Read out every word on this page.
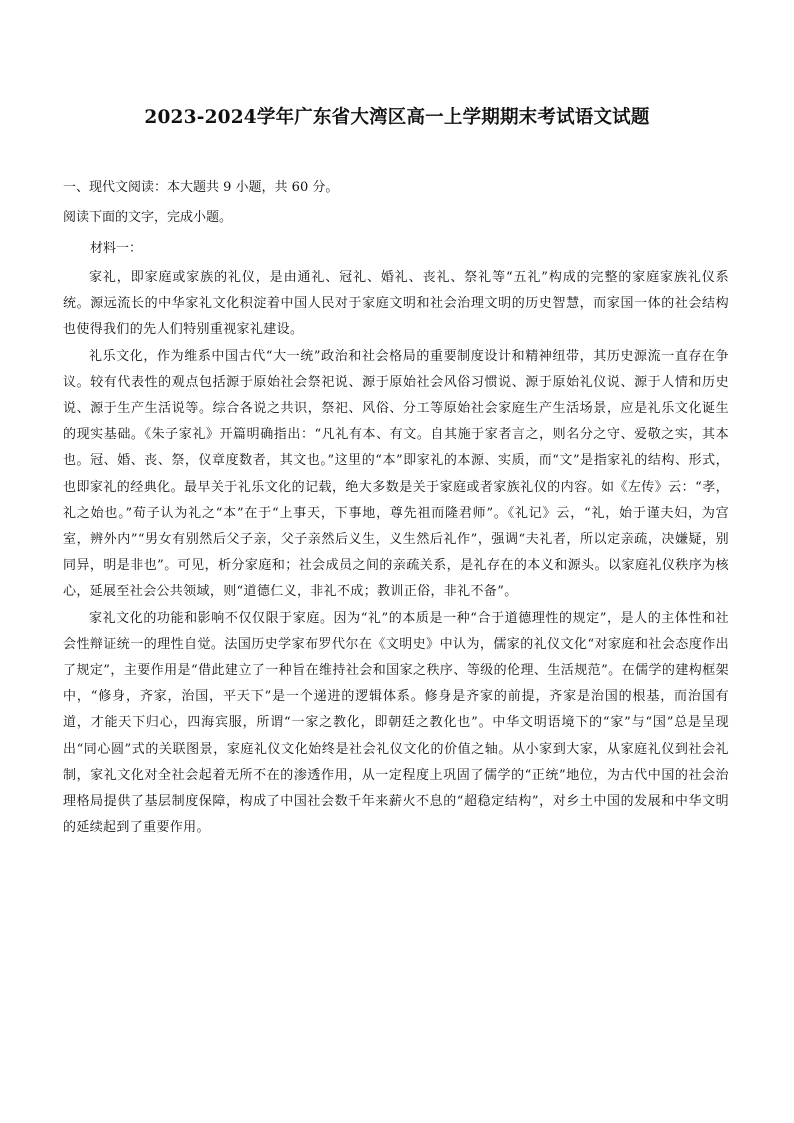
2023-2024学年广东省大湾区高一上学期期末考试语文试题
一、现代文阅读：本大题共 9 小题，共 60 分。
阅读下面的文字，完成小题。
材料一：

家礼，即家庭或家族的礼仪，是由通礼、冠礼、婚礼、丧礼、祭礼等“五礼”构成的完整的家庭家族礼仪系统。源远流长的中华家礼文化积淀着中国人民对于家庭文明和社会治理文明的历史智慧，而家国一体的社会结构也使得我们的先人们特别重视家礼建设。

礼乐文化，作为维系中国古代“大一统”政治和社会格局的重要制度设计和精神纽带，其历史源流一直存在争议。较有代表性的观点包括源于原始社会祭祀说、源于原始社会风俗习惯说、源于原始礼仪说、源于人情和历史说、源于生产生活说等。综合各说之共识，祭祀、风俗、分工等原始社会家庭生产生活场景，应是礼乐文化诞生的现实基础。《朱子家礼》开篇明确指出：“凡礼有本、有文。自其施于家者言之，则名分之守、爱敬之实，其本也。冠、婚、丧、祭，仪章度数者，其文也。”这里的“本”即家礼的本源、实质，而“文”是指家礼的结构、形式，也即家礼的经典化。最早关于礼乐文化的记载，绝大多数是关于家庭或者家族礼仪的内容。如《左传》云：“孝，礼之始也。”荀子认为礼之“本”在于“上事天，下事地，尊先祖而隆君师”。《礼记》云，“礼，始于谨夫妇，为宫室，辨外内”“男女有别然后父子亲，父子亲然后义生，义生然后礼作”，强调“夫礼者，所以定亲疏，决嫌疑，别同异，明是非也”。可见，析分家庭和；社会成员之间的亲疏关系，是礼存在的本义和源头。以家庭礼仪秩序为核心，延展至社会公共领域，则“道德仁义，非礼不成；教训正俗，非礼不备”。

家礼文化的功能和影响不仅仅限于家庭。因为“礼”的本质是一种“合于道德理性的规定”，是人的主体性和社会性辩证统一的理性自觉。法国历史学家布罗代尔在《文明史》中认为，儒家的礼仪文化“对家庭和社会态度作出了规定”，主要作用是“借此建立了一种旨在维持社会和国家之秩序、等级的伦理、生活规范”。在儒学的建构框架中，“修身，齐家，治国，平天下”是一个递进的逻辑体系。修身是齐家的前提，齐家是治国的根基，而治国有道，才能天下归心，四海宾服，所谓“一家之教化，即朝廷之教化也”。中华文明语境下的“家”与“国”总是呈现出“同心圆”式的关联图景，家庭礼仪文化始终是社会礼仪文化的价值之轴。从小家到大家，从家庭礼仪到社会礼制，家礼文化对全社会起着无所不在的渗透作用，从一定程度上巩固了儒学的“正统”地位，为古代中国的社会治理格局提供了基层制度保障，构成了中国社会数千年来薪火不息的“超稳定结构”，对乡土中国的发展和中华文明的延续起到了重要作用。
